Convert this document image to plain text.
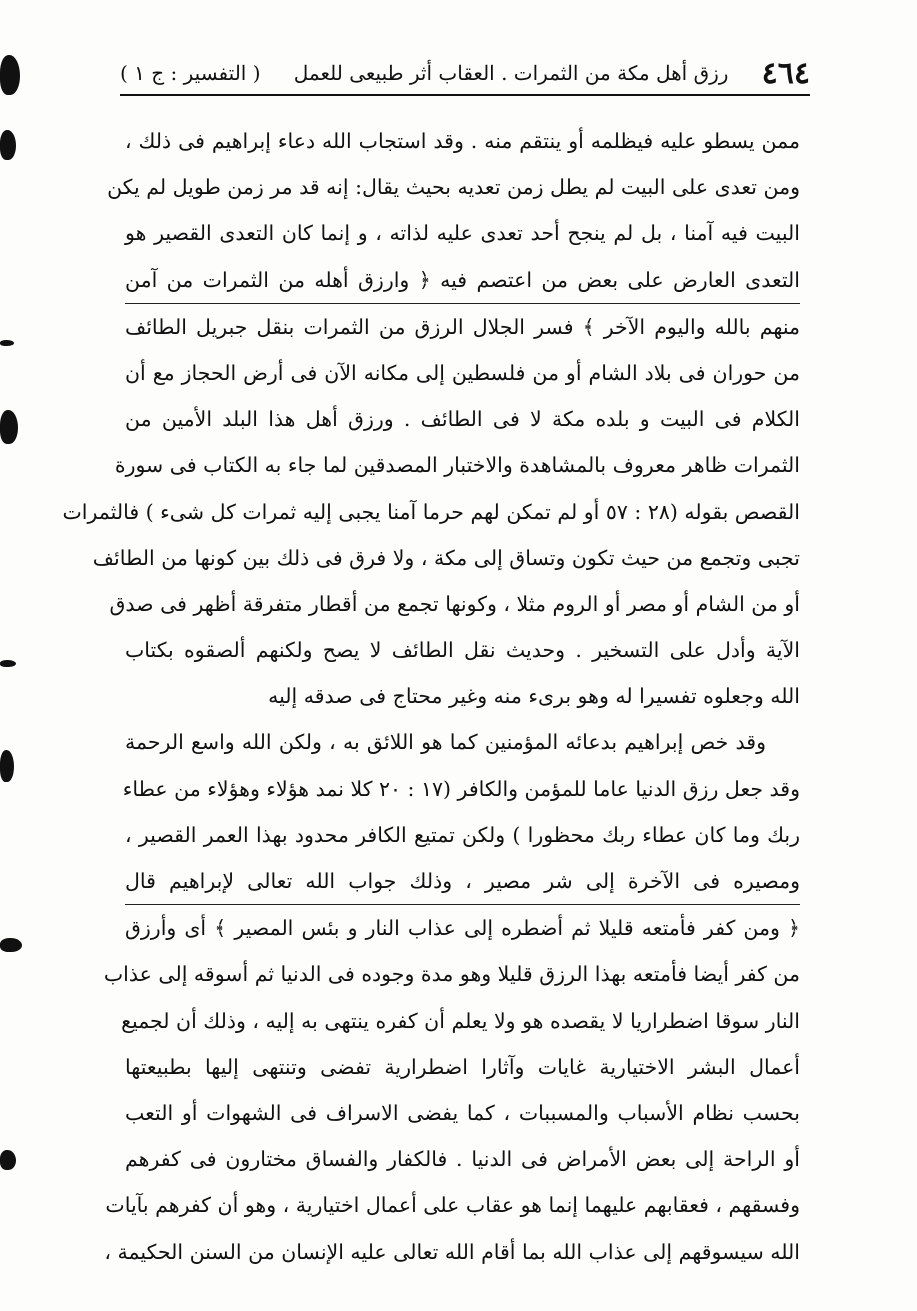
٤٦٤
رزق أهل مكة من الثمرات . العقاب أثر طبيعى للعمل
( التفسير : ج ١ )
ممن يسطو عليه فيظلمه أو ينتقم منه . وقد استجاب الله دعاء إبراهيم فى ذلك ،
ومن تعدى على البيت لم يطل زمن تعديه بحيث يقال: إنه قد مر زمن طويل لم يكن
البيت فيه آمنا ، بل لم ينجح أحد تعدى عليه لذاته ، و إنما كان التعدى القصير هو
التعدى العارض على بعض من اعتصم فيه ﴿ وارزق أهله من الثمرات من آمن
منهم بالله واليوم الآخر ﴾ فسر الجلال الرزق من الثمرات بنقل جبريل الطائف
من حوران فى بلاد الشام أو من فلسطين إلى مكانه الآن فى أرض الحجاز مع أن
الكلام فى البيت و بلده مكة لا فى الطائف . ورزق أهل هذا البلد الأمين من
الثمرات ظاهر معروف بالمشاهدة والاختبار المصدقين لما جاء به الكتاب فى سورة
القصص بقوله (٢٨ : ٥٧ أو لم تمكن لهم حرما آمنا يجبى إليه ثمرات كل شىء ) فالثمرات
تجبى وتجمع من حيث تكون وتساق إلى مكة ، ولا فرق فى ذلك بين كونها من الطائف
أو من الشام أو مصر أو الروم مثلا ، وكونها تجمع من أقطار متفرقة أظهر فى صدق
الآية وأدل على التسخير . وحديث نقل الطائف لا يصح ولكنهم ألصقوه بكتاب
الله وجعلوه تفسيرا له وهو برىء منه وغير محتاج فى صدقه إليه
وقد خص إبراهيم بدعائه المؤمنين كما هو اللائق به ، ولكن الله واسع الرحمة
وقد جعل رزق الدنيا عاما للمؤمن والكافر (١٧ : ٢٠ كلا نمد هؤلاء وهؤلاء من عطاء
ربك وما كان عطاء ربك محظورا ) ولكن تمتيع الكافر محدود بهذا العمر القصير ،
ومصيره فى الآخرة إلى شر مصير ، وذلك جواب الله تعالى لإبراهيم قال
﴿ ومن كفر فأمتعه قليلا ثم أضطره إلى عذاب النار و بئس المصير ﴾ أى وأرزق
من كفر أيضا فأمتعه بهذا الرزق قليلا وهو مدة وجوده فى الدنيا ثم أسوقه إلى عذاب
النار سوقا اضطراريا لا يقصده هو ولا يعلم أن كفره ينتهى به إليه ، وذلك أن لجميع
أعمال البشر الاختيارية غايات وآثارا اضطرارية تفضى وتنتهى إليها بطبيعتها
بحسب نظام الأسباب والمسببات ، كما يفضى الاسراف فى الشهوات أو التعب
أو الراحة إلى بعض الأمراض فى الدنيا . فالكفار والفساق مختارون فى كفرهم
وفسقهم ، فعقابهم عليهما إنما هو عقاب على أعمال اختيارية ، وهو أن كفرهم بآيات
الله سيسوقهم إلى عذاب الله بما أقام الله تعالى عليه الإنسان من السنن الحكيمة ،
